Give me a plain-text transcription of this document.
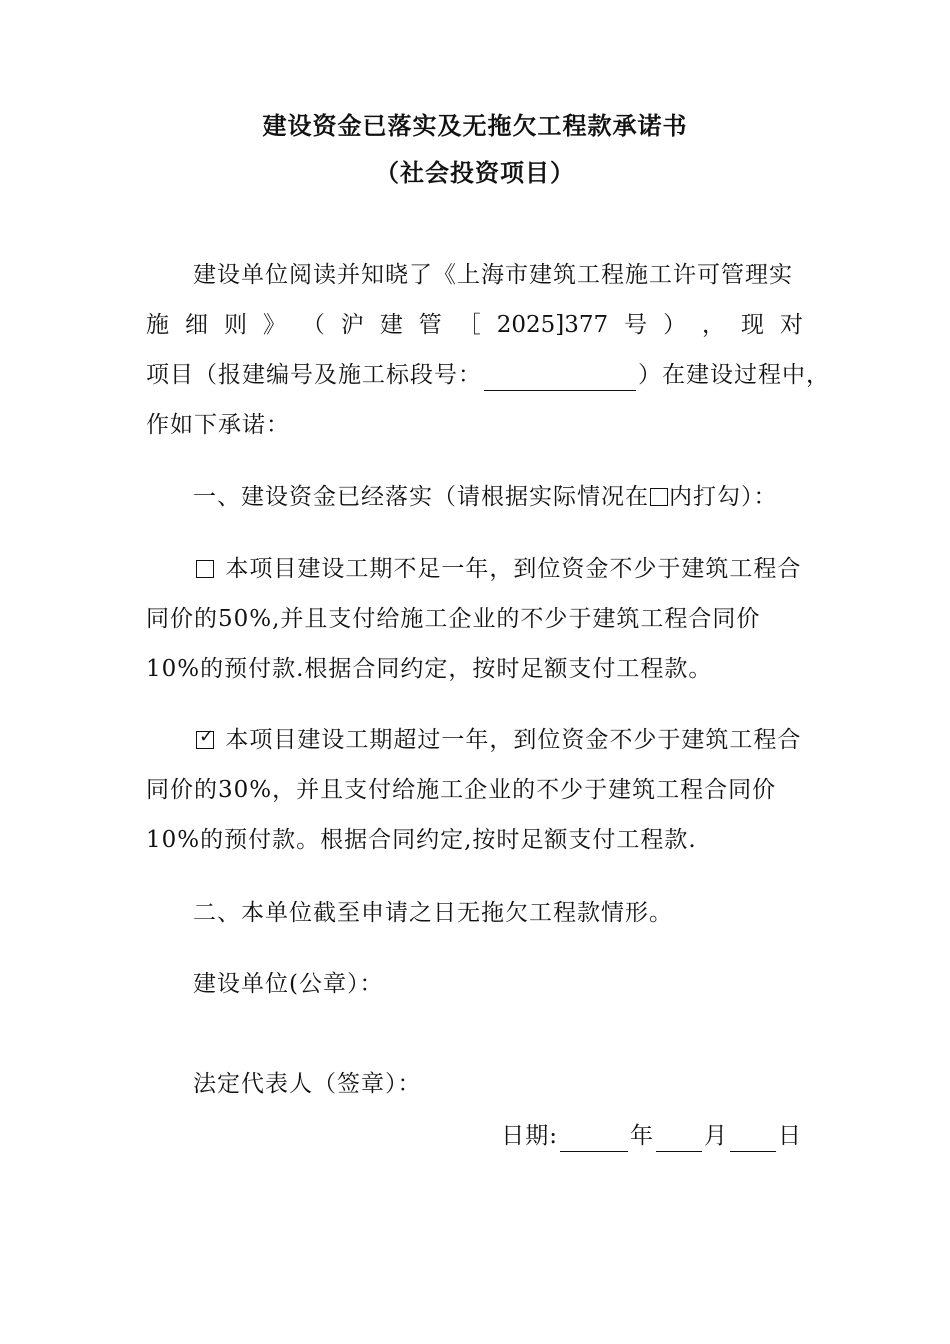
建设资金已落实及无拖欠工程款承诺书
（社会投资项目）
建设单位阅读并知晓了《上海市建筑工程施工许可管理实
施 细 则 》 （ 沪 建 管 ［ 2025]377 号 ） ， 现 对
项目（报建编号及施工标段号：	）在建设过程中，
作如下承诺：
一、建设资金已经落实（请根据实际情况在 内打勾）：
本项目建设工期不足一年，到位资金不少于建筑工程合
同价的50%,并且支付给施工企业的不少于建筑工程合同价
10%的预付款.根据合同约定，按时足额支付工程款。
✓ 本项目建设工期超过一年，到位资金不少于建筑工程合
同价的30%，并且支付给施工企业的不少于建筑工程合同价
10%的预付款。根据合同约定,按时足额支付工程款.
二、本单位截至申请之日无拖欠工程款情形。
建设单位(公章）：
法定代表人（签章）：
日期:	年 月 日
